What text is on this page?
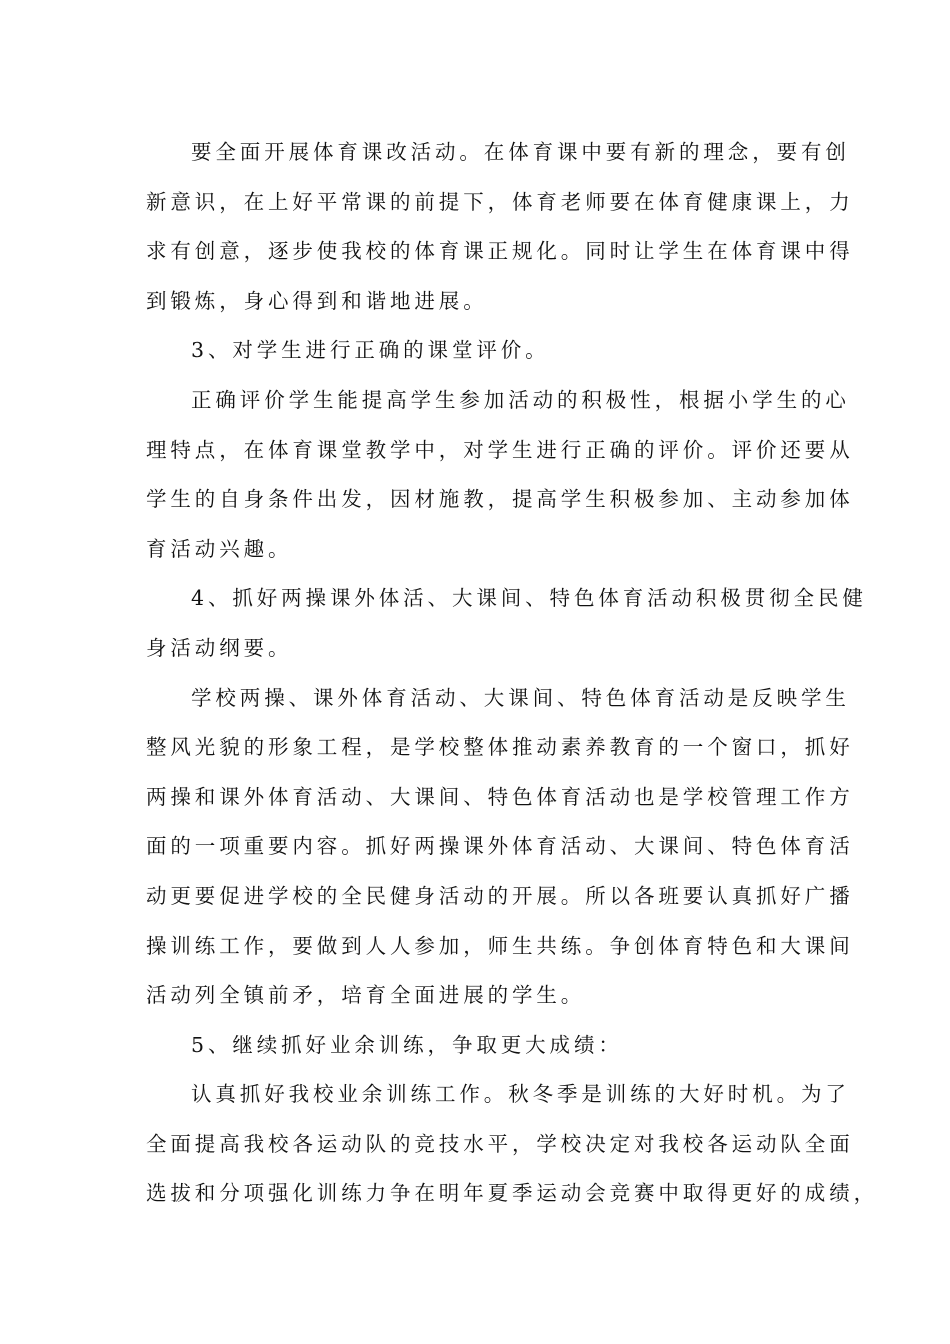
要全面开展体育课改活动。在体育课中要有新的理念，要有创
新意识，在上好平常课的前提下，体育老师要在体育健康课上，力
求有创意，逐步使我校的体育课正规化。同时让学生在体育课中得
到锻炼，身心得到和谐地进展。
3、对学生进行正确的课堂评价。
正确评价学生能提高学生参加活动的积极性，根据小学生的心
理特点，在体育课堂教学中，对学生进行正确的评价。评价还要从
学生的自身条件出发，因材施教，提高学生积极参加、主动参加体
育活动兴趣。
4、抓好两操课外体活、大课间、特色体育活动积极贯彻全民健
身活动纲要。
学校两操、课外体育活动、大课间、特色体育活动是反映学生
整风光貌的形象工程，是学校整体推动素养教育的一个窗口，抓好
两操和课外体育活动、大课间、特色体育活动也是学校管理工作方
面的一项重要内容。抓好两操课外体育活动、大课间、特色体育活
动更要促进学校的全民健身活动的开展。所以各班要认真抓好广播
操训练工作，要做到人人参加，师生共练。争创体育特色和大课间
活动列全镇前矛，培育全面进展的学生。
5、继续抓好业余训练，争取更大成绩：
认真抓好我校业余训练工作。秋冬季是训练的大好时机。为了
全面提高我校各运动队的竞技水平，学校决定对我校各运动队全面
选拔和分项强化训练力争在明年夏季运动会竞赛中取得更好的成绩，
